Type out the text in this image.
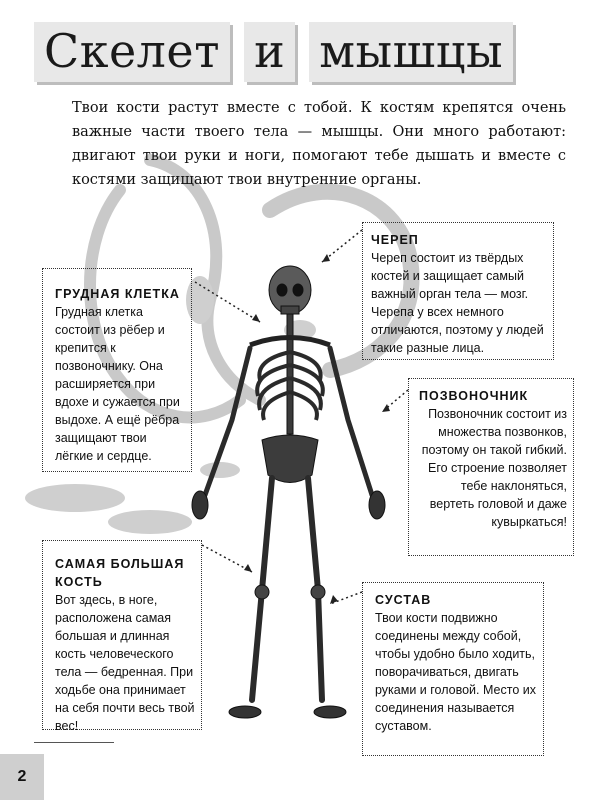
Скелет и мышцы
Твои кости растут вместе с тобой. К костям крепятся очень важные части твоего тела — мышцы. Они много работают: двигают твои руки и ноги, помогают тебе дышать и вместе с костями защищают твои внутренние органы.
ЧЕРЕП
Череп состоит из твёрдых костей и защищает самый важный орган тела — мозг. Черепа у всех немного отличаются, поэтому у людей такие разные лица.
ГРУДНАЯ КЛЕТКА
Грудная клетка состоит из рёбер и крепится к позвоночнику. Она расширяется при вдохе и сужается при выдохе. А ещё рёбра защищают твои лёгкие и сердце.
ПОЗВОНОЧНИК
Позвоночник состоит из множества позвонков, поэтому он такой гибкий. Его строение позволяет тебе наклоняться, вертеть головой и даже кувыркаться!
САМАЯ БОЛЬШАЯ КОСТЬ
Вот здесь, в ноге, расположена самая большая и длинная кость человеческого тела — бедренная. При ходьбе она принимает на себя почти весь твой вес!
СУСТАВ
Твои кости подвижно соединены между собой, чтобы удобно было ходить, поворачиваться, двигать руками и головой. Место их соединения называется суставом.
2
